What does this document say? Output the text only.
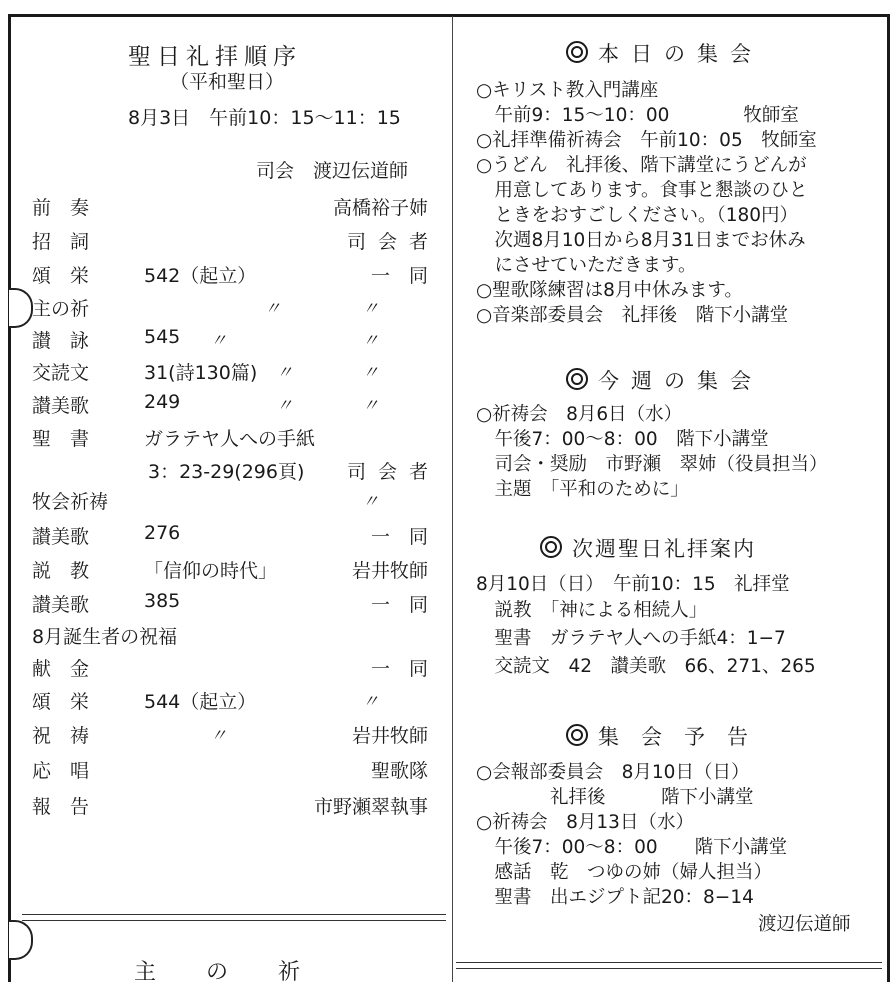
聖日礼拝順序
（平和聖日）
8月3日　午前10：15〜11：15
司会　渡辺伝道師
前　奏	高橋裕子姉
招　詞	司会者
頌　栄	542（起立）	一　同
主の祈	〃	〃
讃　詠	545 〃	〃
交読文	31(詩130篇) 〃	〃
讃美歌	249	〃	〃
聖　書	ガラテヤ人への手紙
3：23-29(296頁) 司会者
牧会祈祷	〃
讃美歌	276	一　同
説　教	「信仰の時代」	岩井牧師
讃美歌	385	一　同
8月誕生者の祝福
献　金	一　同
頌　栄	544（起立）	〃
祝　祷	〃	岩井牧師
応　唱	聖歌隊
報　告	市野瀬翠執事
主の祈
本日の集会
○キリスト教入門講座
　午前9：15〜10：00　　　　牧師室
○礼拝準備祈祷会　午前10：05　牧師室
○うどん　礼拝後、階下講堂にうどんが
　用意してあります。食事と懇談のひと
　ときをおすごしください。（180円）
　次週8月10日から8月31日までお休み
　にさせていただきます。
○聖歌隊練習は8月中休みます。
○音楽部委員会　礼拝後　階下小講堂
今週の集会
○祈祷会　8月6日（水）
　午後7：00〜8：00　階下小講堂
　司会・奨励　市野瀬　翠姉（役員担当）
　主題　「平和のために」
次週聖日礼拝案内
8月10日（日）　午前10：15　礼拝堂
　説教　「神による相続人」
　聖書　ガラテヤ人への手紙4：1−7
　交読文　42　讃美歌　66、271、265
集会予告
○会報部委員会　8月10日（日）
　　　　礼拝後　　　階下小講堂
○祈祷会　8月13日（水）
　午後7：00〜8：00　　階下小講堂
　感話　乾　つゆの姉（婦人担当）
　聖書　出エジプト記20：8−14
渡辺伝道師
